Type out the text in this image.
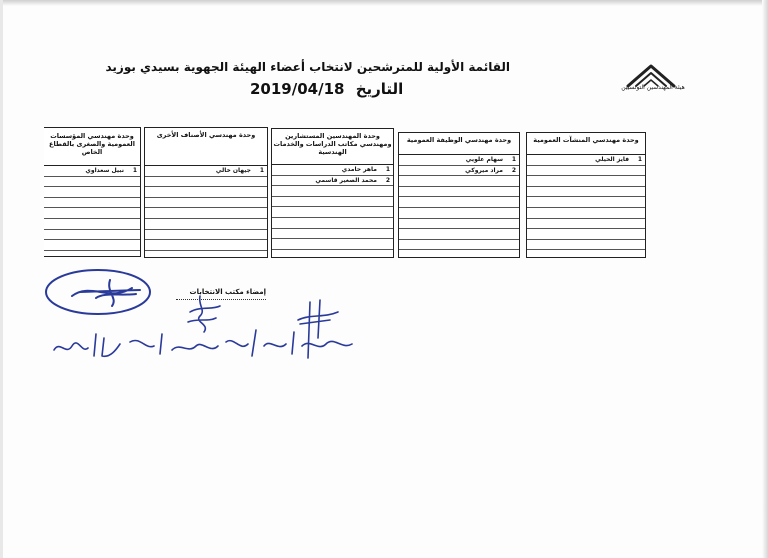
هيئة المهندسين التونسيين
القائمة الأولية للمترشحين لانتخاب أعضاء الهيئة الجهوية بسيدي بوزيد
2019/04/18 التاريخ
وحدة مهندسي المنشآت العمومية
1
فايز الحيلي
وحدة مهندسي الوظيفة العمومية
1
سهام علويي
2
مراد ميروكي
وحدة المهندسين المستشارين ومهندسي مكاتب الدراسات والخدمات الهندسية
1
ماهر حامدي
2
محمد الصغير قاسمي
وحدة مهندسي الأصناف الأخرى
1
جيهان خالي
وحدة مهندسي المؤسسات العمومية والصغرى بالقطاع الخاص
1
نبيل سعداوي
إمضاء مكتب الانتخابات
